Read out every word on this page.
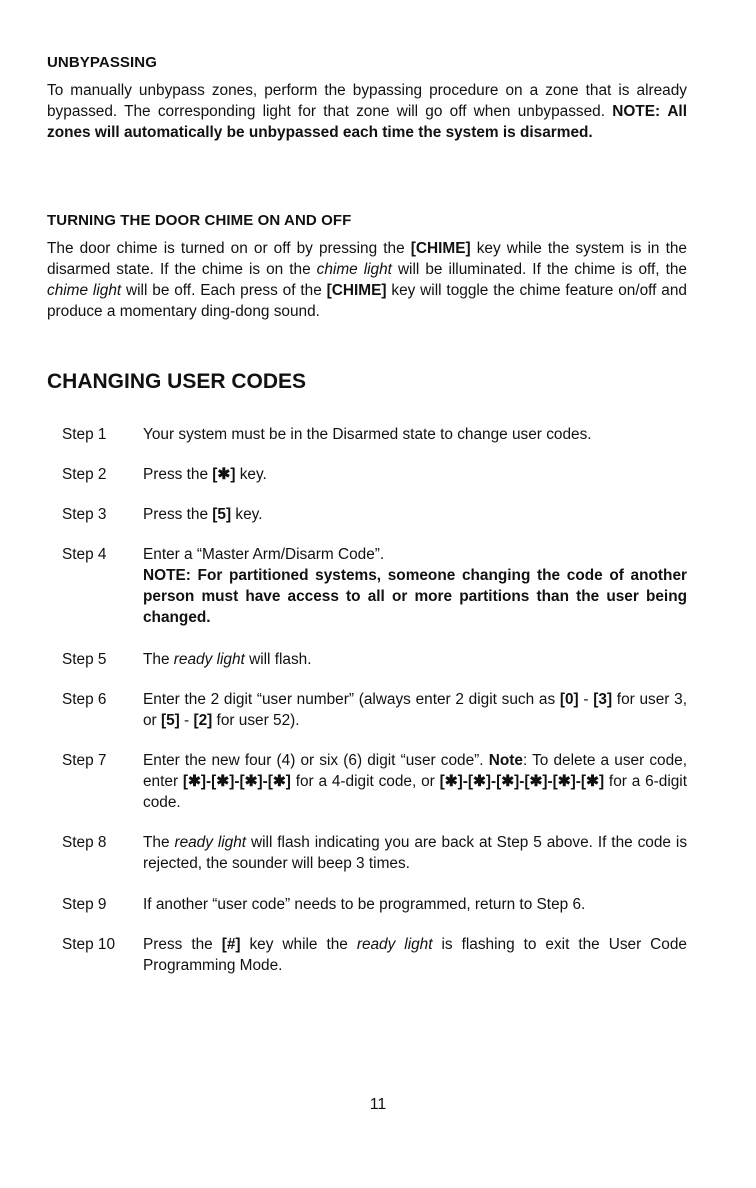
UNBYPASSING

To manually unbypass zones, perform the bypassing procedure on a zone that is already bypassed. The corresponding light for that zone will go off when unbypassed. NOTE: All zones will automatically be unbypassed each time the system is disarmed.

TURNING THE DOOR CHIME ON AND OFF

The door chime is turned on or off by pressing the [CHIME] key while the system is in the disarmed state. If the chime is on the chime light will be illuminated. If the chime is off, the chime light will be off. Each press of the [CHIME] key will toggle the chime feature on/off and produce a momentary ding-dong sound.

CHANGING USER CODES

Step 1	Your system must be in the Disarmed state to change user codes.
Step 2	Press the [✱] key.
Step 3	Press the [5] key.
Step 4	Enter a “Master Arm/Disarm Code”.
NOTE: For partitioned systems, someone changing the code of another person must have access to all or more partitions than the user being changed.
Step 5	The ready light will flash.
Step 6	Enter the 2 digit “user number” (always enter 2 digit such as [0] - [3] for user 3, or [5] - [2] for user 52).
Step 7	Enter the new four (4) or six (6) digit “user code”. Note: To delete a user code, enter [✱]-[✱]-[✱]-[✱] for a 4-digit code, or [✱]-[✱]-[✱]-[✱]-[✱]-[✱] for a 6-digit code.
Step 8	The ready light will flash indicating you are back at Step 5 above. If the code is rejected, the sounder will beep 3 times.
Step 9	If another “user code” needs to be programmed, return to Step 6.
Step 10	Press the [#] key while the ready light is flashing to exit the User Code Programming Mode.
11
